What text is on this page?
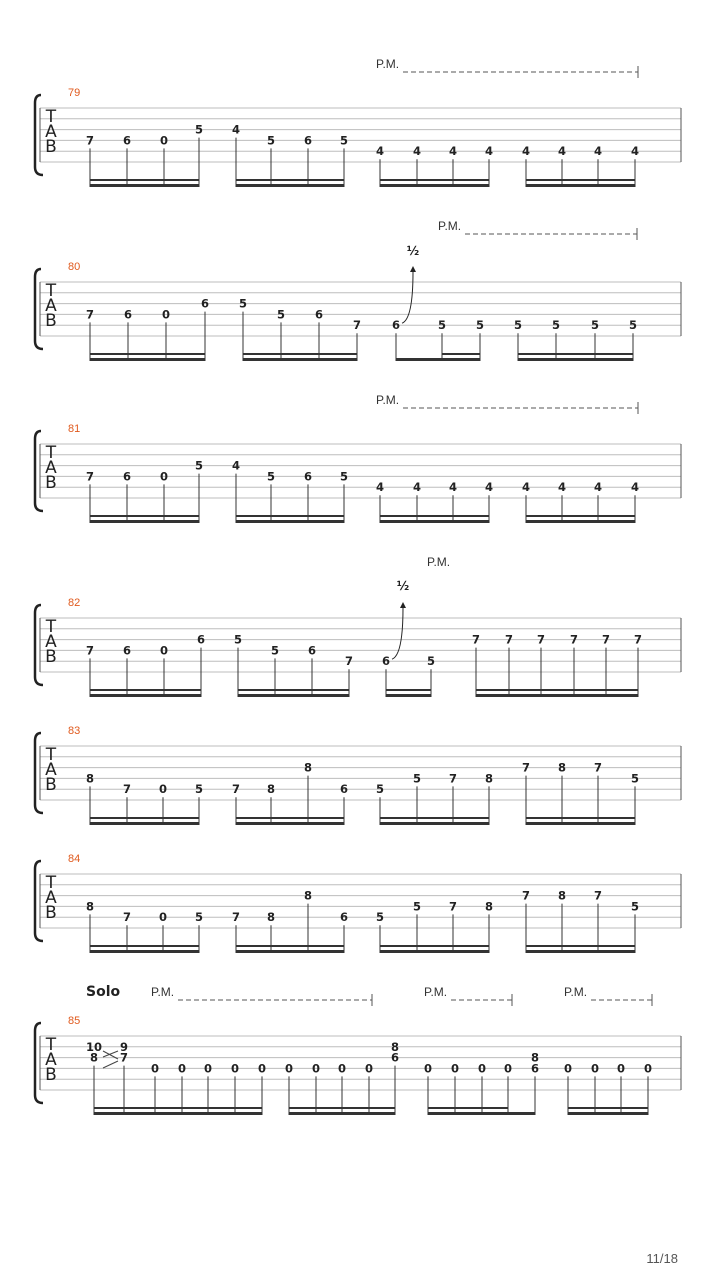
T
A
B
79
P.M.
7	6	0
5	4
5	6 5
4	4 4 4	4 4 4	4
T
A
B
80
P.M.
7	6	0
6	5
5	6
7	6	5	5	5	5	5	5
½
T
A
B
81
P.M.
7	6	0
5	4
5	6 5
4	4 4 4	4 4 4	4
T
A
B
82
P.M.
7	6	0
6	5
5	6
7	6	5
7 7 7 7 7 7
½
T
A
B
83
8
7 0 5	7 8
8
6 5
5 7 8
7 8 7
5
T
A
B
84
8
7 0 5	7 8
8
6 5
5 7 8
7 8 7
5
T
A
B
85
Solo	P.M.	P.M.	P.M.
10
8
9
7
0 0 0 0 0 0 0 0 0
8
6
0 0 0 0
8
6 0 0 0 0
11/18
